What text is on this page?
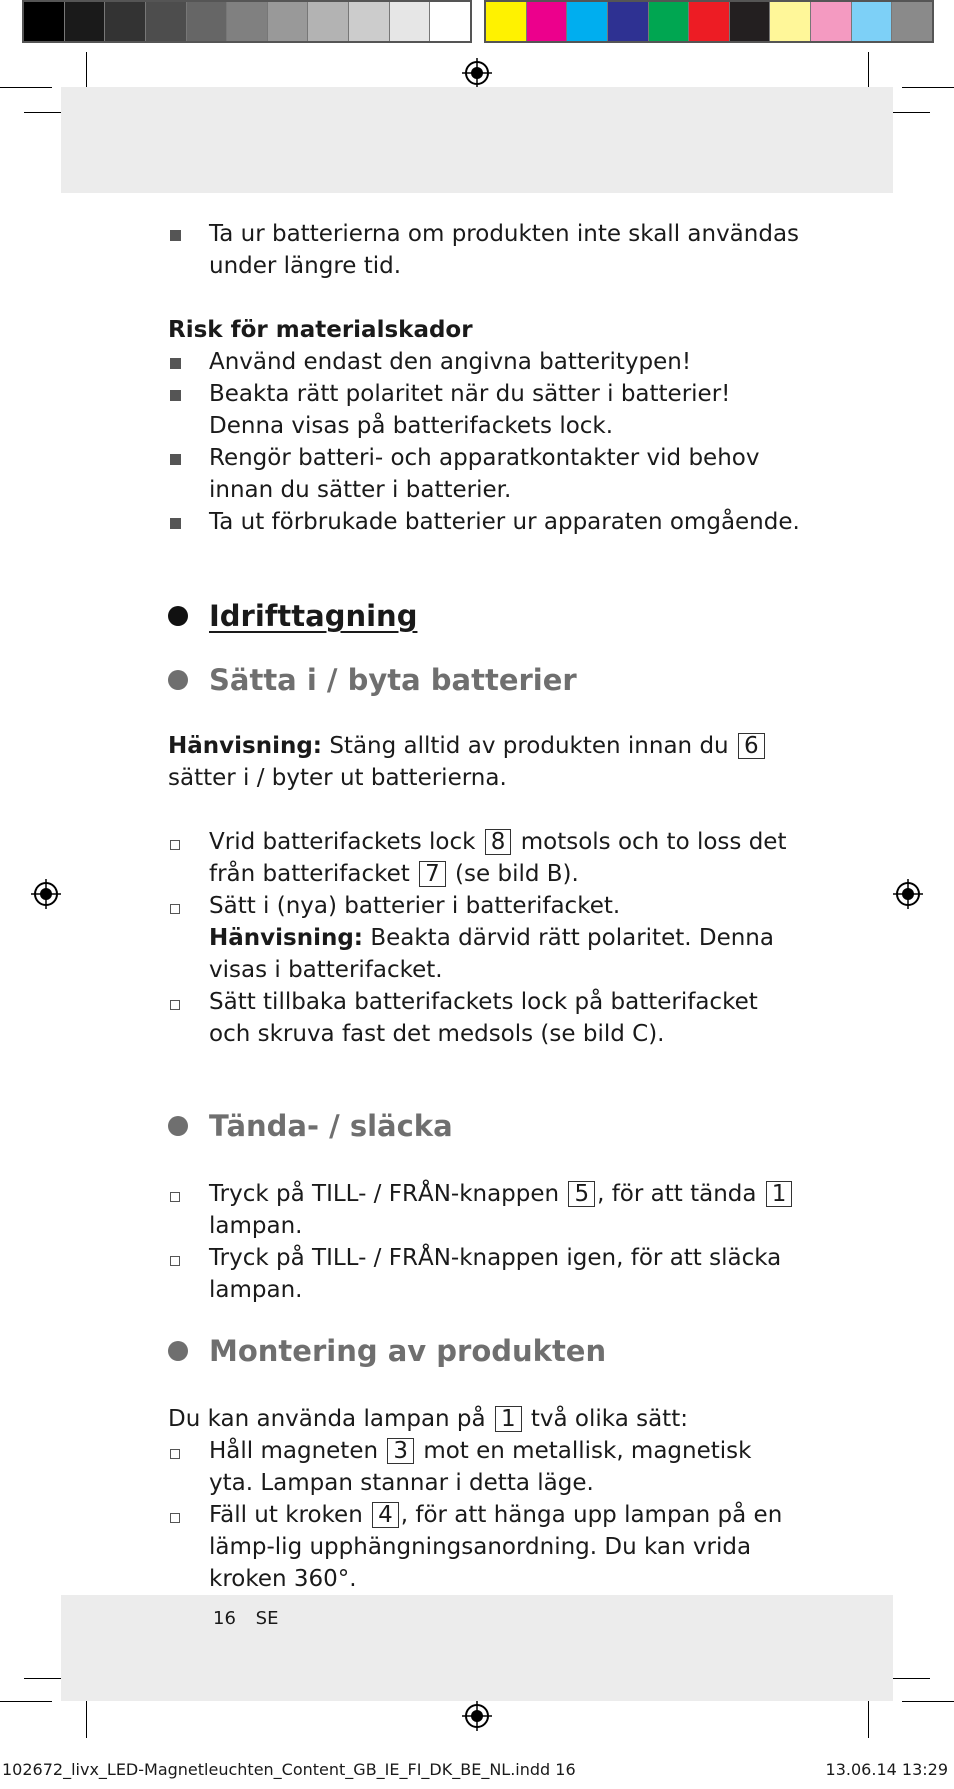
Ta ur batterierna om produkten inte skall användas under längre tid.
Risk för materialskador
Använd endast den angivna batteritypen!
Beakta rätt polaritet när du sätter i batterier! Denna visas på batterifackets lock.
Rengör batteri- och apparatkontakter vid behov innan du sätter i batterier.
Ta ut förbrukade batterier ur apparaten omgående.
Idrifttagning
Sätta i / byta batterier
Hänvisning: Stäng alltid av produkten innan du 6 sätter i / byter ut batterierna.
Vrid batterifackets lock 8 motsols och to loss det från batterifacket 7 (se bild B).
Sätt i (nya) batterier i batterifacket.
Hänvisning: Beakta därvid rätt polaritet. Denna visas i batterifacket.
Sätt tillbaka batterifackets lock på batterifacket och skruva fast det medsols (se bild C).
Tända- / släcka
Tryck på TILL- / FRÅN-knappen 5 , för att tända 1 lampan.
Tryck på TILL- / FRÅN-knappen igen, för att släcka lampan.
Montering av produkten
Du kan använda lampan på 1 två olika sätt:
Håll magneten 3 mot en metallisk, magnetisk yta. Lampan stannar i detta läge.
Fäll ut kroken 4 , för att hänga upp lampan på en lämp-lig upphängningsanordning. Du kan vrida kroken 360°.
16 SE
102672_livx_LED-Magnetleuchten_Content_GB_IE_FI_DK_BE_NL.indd 16	13.06.14 13:29
